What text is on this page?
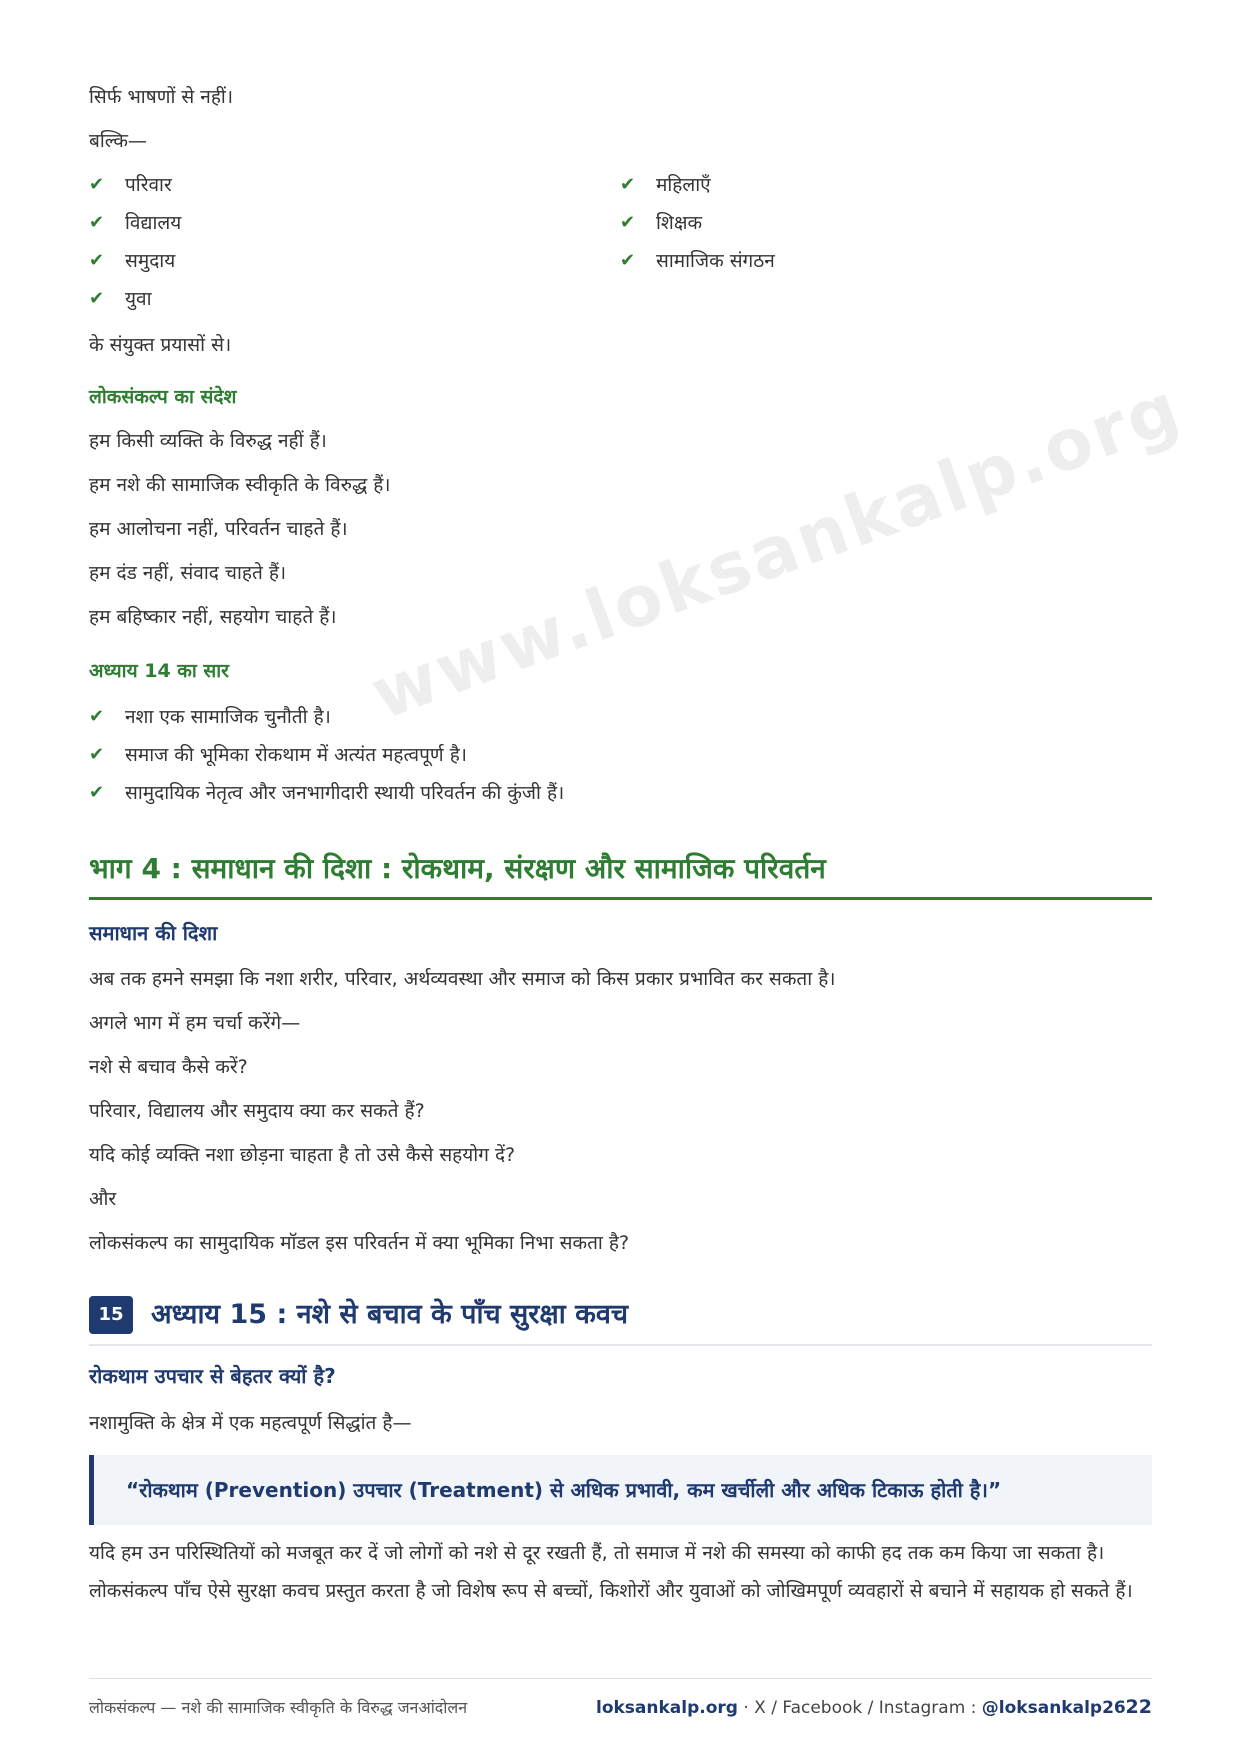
www.loksankalp.org
सिर्फ भाषणों से नहीं।
बल्कि—
✔ परिवार
✔ विद्यालय
✔ समुदाय
✔ युवा
✔ महिलाएँ
✔ शिक्षक
✔ सामाजिक संगठन
के संयुक्त प्रयासों से।
लोकसंकल्प का संदेश
हम किसी व्यक्ति के विरुद्ध नहीं हैं।
हम नशे की सामाजिक स्वीकृति के विरुद्ध हैं।
हम आलोचना नहीं, परिवर्तन चाहते हैं।
हम दंड नहीं, संवाद चाहते हैं।
हम बहिष्कार नहीं, सहयोग चाहते हैं।
अध्याय 14 का सार
✔ नशा एक सामाजिक चुनौती है।
✔ समाज की भूमिका रोकथाम में अत्यंत महत्वपूर्ण है।
✔ सामुदायिक नेतृत्व और जनभागीदारी स्थायी परिवर्तन की कुंजी हैं।
भाग 4 : समाधान की दिशा : रोकथाम, संरक्षण और सामाजिक परिवर्तन
समाधान की दिशा
अब तक हमने समझा कि नशा शरीर, परिवार, अर्थव्यवस्था और समाज को किस प्रकार प्रभावित कर सकता है।
अगले भाग में हम चर्चा करेंगे—
नशे से बचाव कैसे करें?
परिवार, विद्यालय और समुदाय क्या कर सकते हैं?
यदि कोई व्यक्ति नशा छोड़ना चाहता है तो उसे कैसे सहयोग दें?
और
लोकसंकल्प का सामुदायिक मॉडल इस परिवर्तन में क्या भूमिका निभा सकता है?
15	अध्याय 15 : नशे से बचाव के पाँच सुरक्षा कवच
रोकथाम उपचार से बेहतर क्यों है?
नशामुक्ति के क्षेत्र में एक महत्वपूर्ण सिद्धांत है—
“रोकथाम (Prevention) उपचार (Treatment) से अधिक प्रभावी, कम खर्चीली और अधिक टिकाऊ होती है।”
यदि हम उन परिस्थितियों को मजबूत कर दें जो लोगों को नशे से दूर रखती हैं, तो समाज में नशे की समस्या को काफी हद तक कम किया जा सकता है।
लोकसंकल्प पाँच ऐसे सुरक्षा कवच प्रस्तुत करता है जो विशेष रूप से बच्चों, किशोरों और युवाओं को जोखिमपूर्ण व्यवहारों से बचाने में सहायक हो सकते हैं।
लोकसंकल्प — नशे की सामाजिक स्वीकृति के विरुद्ध जनआंदोलन	loksankalp.org · X / Facebook / Instagram : @loksankalp26 22
